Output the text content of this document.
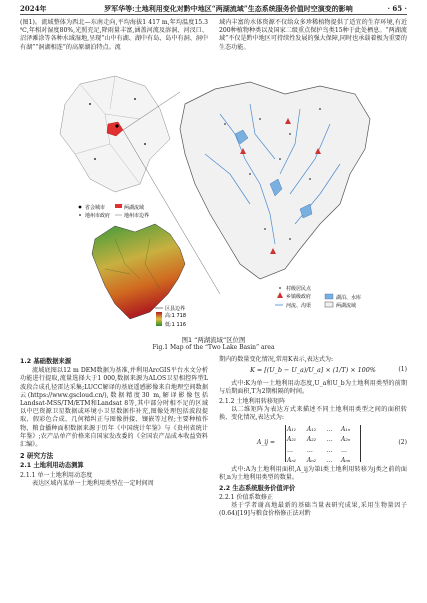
2024年	罗军华等:土地利用变化对黔中地区“两湖流域”生态系统服务价值时空演变的影响	· 65 ·

(图1)。流域整体为西北—东南走向,平均海拔1 417 m,年均温度15.3 ℃,年相对湿度80%,光照充足,降雨量丰富,涵盖河流及溶洞、河汊口、沼泽滩涂等各种水域湿地,呈现“山中有湖、湖中有岛、岛中有洞、洞中有湖”“洞湖相连”的高原湖泊特点。流

域内丰富的水体资源不仅给众多珍稀植物提供了适宜的生存环境,有近200种植物种类以及国家二级重点保护鸟类15种于此处栖息。“两湖流域”不仅是黔中地区可持续性发展的强大保障,同时也承载着极为重要的生态功能。

省会城市
地州市政府
两湖流域
地州市边界
区县边界
高:1 718
低:1 116
村级居民点
乡镇级政府
河流、沟渠
湖泊、水库
两湖流域
图1 “两湖流域”区位图
Fig.1 Map of the “Two Lake Basin” area
1.2 基础数据来源

流域底图以12 m DEM数据为基准,并利用ArcGIS平台水文分析功能进行提取,流量选择大于1 000,数据来源为ALOS卫星相控阵型L波段合成孔径雷达采集;LUCC解译的基底遥感影像来自地理空间数据云(https://www.gscloud.cn/),数据精度30 m,解译影像包括Landsat-MSS/TM/ETM和Landsat 8等,其中部分时相不足的区域以中巴资源卫星数据或环境小卫星数据作补充,图像处理包括波段提取、假彩色合成、几何精纠正与图像拼接、镶嵌等过程;主要种植作物、粮食播种面积数据来源于历年《中国统计年鉴》与《贵州省统计年鉴》;农产品单产价格来自国家发改委的《全国农产品成本收益资料汇编》。

2 研究方法
2.1 土地利用动态测算
2.1.1 单一土地利用动态度

表达区域内某单一土地利用类型在一定时间周

期内的数量变化情况,常用K表示,表达式为:

K = [(U_b − U_a)/U_a] × (1/T) × 100%	(1)

式中:K为单一土地利用动态度,U_a和U_b为土地利用类型的前期与后期面积,T为2期相隔的时间。

2.1.2 土地利用转移矩阵

以二维矩阵为表达方式来描述不同土地利用类型之间的面积转换、变化情况,表达式为:

A_ij =
A₁₁	A₁₂	…	A₁ₙ
A₂₁	A₂₂	…	A₂ₙ
…	…	…	…
Aₙ₁	Aₙ₂	…	Aₙₙ
(2)

式中:A为土地利用面积,A_ij为第i类土地利用转移为j类之前的面积,n为土地利用类型的数量。

2.2 生态系统服务价值评价
2.2.1 价值系数修正

基于学者谢高地最新的基础当量表研究成果,采用生物量因子(0.64)[19]与粮食价格修正法对黔
